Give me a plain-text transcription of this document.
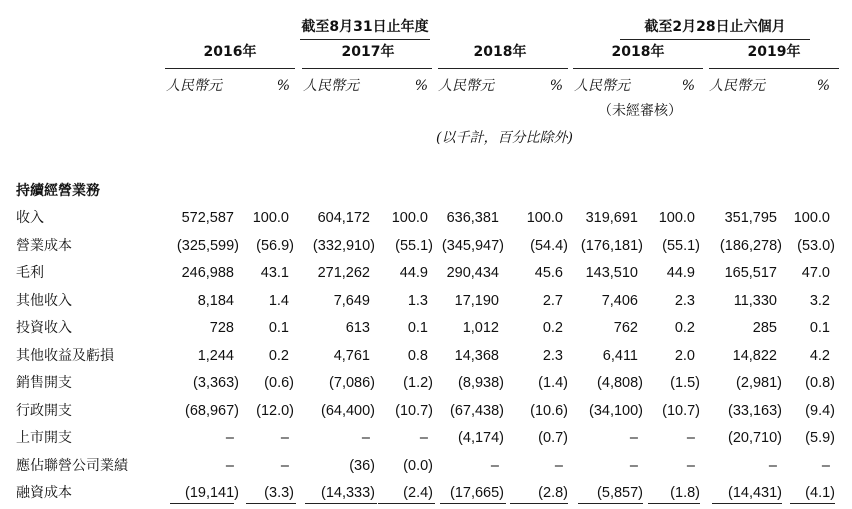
截至8月31日止年度	截至2月28日止六個月
2016年	2017年	2018年	2018年	2019年
人民幣元	% 人民幣元	% 人民幣元	% 人民幣元	% 人民幣元	%
（未經審核）
(以千計，百分比除外)
持續經營業務
收入	572,587	100.0	604,172	100.0	636,381	100.0	319,691	100.0	351,795	100.0
營業成本	(325,599)	(56.9)	(332,910)	(55.1) (345,947)	(54.4) (176,181)	(55.1)	(186,278)	(53.0)
毛利	246,988	43.1	271,262	44.9	290,434	45.6	143,510	44.9	165,517	47.0
其他收入	8,184	1.4	7,649	1.3	17,190	2.7	7,406	2.3	11,330	3.2
投資收入	728	0.1	613	0.1	1,012	0.2	762	0.2	285	0.1
其他收益及虧損	1,244	0.2	4,761	0.8	14,368	2.3	6,411	2.0	14,822	4.2
銷售開支	(3,363)	(0.6)	(7,086)	(1.2)	(8,938)	(1.4)	(4,808)	(1.5)	(2,981)	(0.8)
行政開支	(68,967)	(12.0)	(64,400)	(10.7)	(67,438)	(10.6)	(34,100)	(10.7)	(33,163)	(9.4)
上市開支	–	–	–	–	(4,174)	(0.7)	–	–	(20,710)	(5.9)
應佔聯營公司業績	–	–	(36)	(0.0)	–	–	–	–	–	–
融資成本	(19,141)	(3.3)	(14,333)	(2.4)	(17,665)	(2.8)	(5,857)	(1.8)	(14,431)	(4.1)
